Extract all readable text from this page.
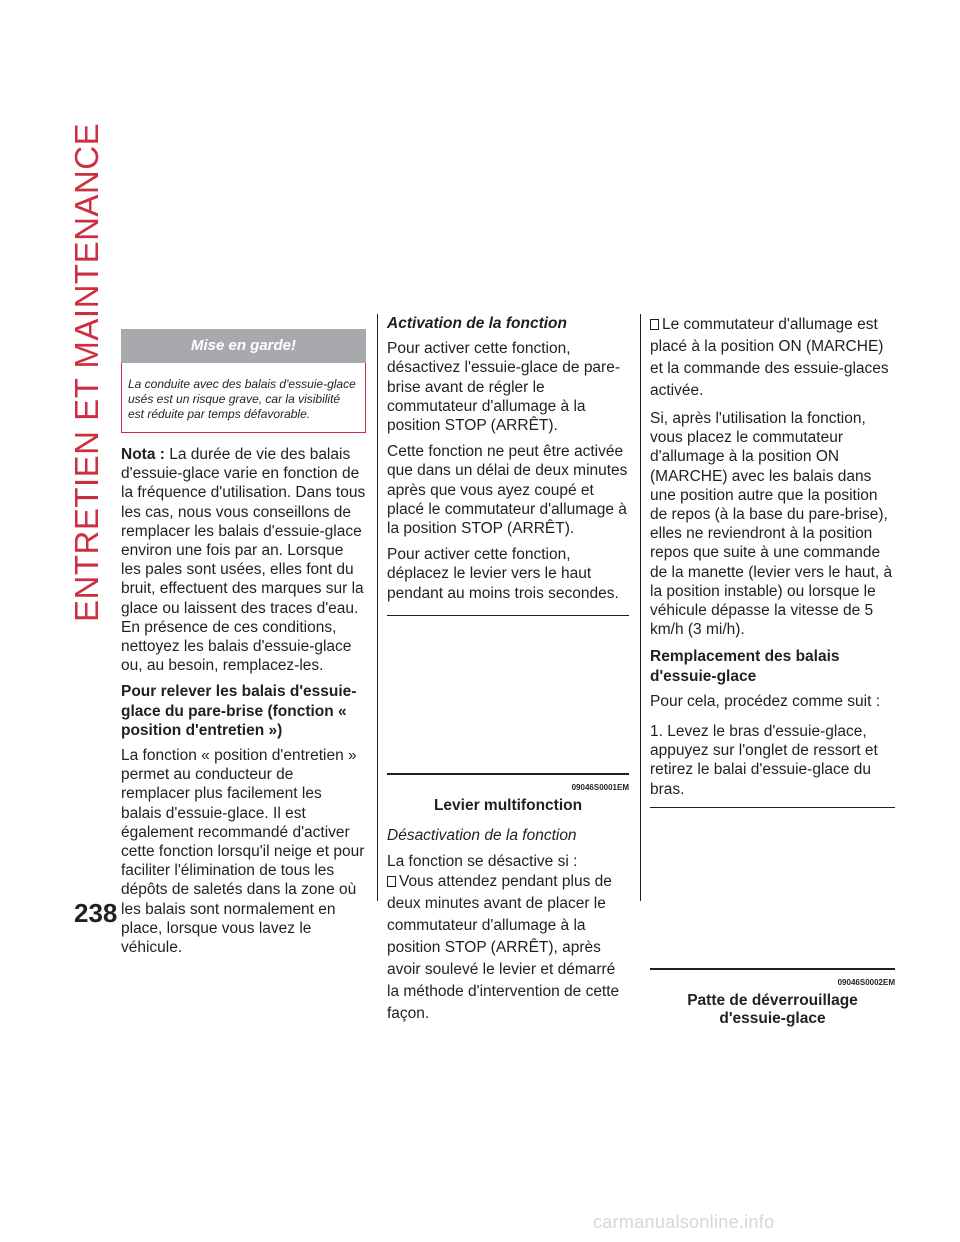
ENTRETIEN ET MAINTENANCE
238
Mise en garde!
La conduite avec des balais d'essuie-glace usés est un risque grave, car la visibilité est réduite par temps défavorable.

Nota : La durée de vie des balais d'essuie-glace varie en fonction de la fréquence d'utilisation. Dans tous les cas, nous vous conseillons de remplacer les balais d'essuie-glace environ une fois par an. Lorsque les pales sont usées, elles font du bruit, effectuent des marques sur la glace ou laissent des traces d'eau. En présence de ces conditions, nettoyez les balais d'essuie-glace ou, au besoin, remplacez-les.

Pour relever les balais d'essuie-glace du pare-brise (fonction « position d'entretien »)

La fonction « position d'entretien » permet au conducteur de remplacer plus facilement les balais d'essuie-glace. Il est également recommandé d'activer cette fonction lorsqu'il neige et pour faciliter l'élimination de tous les dépôts de saletés dans la zone où les balais sont normalement en place, lorsque vous lavez le véhicule.

Activation de la fonction

Pour activer cette fonction, désactivez l'essuie-glace de pare-brise avant de régler le commutateur d'allumage à la position STOP (ARRÊT).

Cette fonction ne peut être activée que dans un délai de deux minutes après que vous ayez coupé et placé le commutateur d'allumage à la position STOP (ARRÊT).

Pour activer cette fonction, déplacez le levier vers le haut pendant au moins trois secondes.

09046S0001EM
Levier multifonction

Désactivation de la fonction

La fonction se désactive si :

Vous attendez pendant plus de deux minutes avant de placer le commutateur d'allumage à la position STOP (ARRÊT), après avoir soulevé le levier et démarré la méthode d'intervention de cette façon.
Le commutateur d'allumage est placé à la position ON (MARCHE) et la commande des essuie-glaces activée.

Si, après l'utilisation la fonction, vous placez le commutateur d'allumage à la position ON (MARCHE) avec les balais dans une position autre que la position de repos (à la base du pare-brise), elles ne reviendront à la position repos que suite à une commande de la manette (levier vers le haut, à la position instable) ou lorsque le véhicule dépasse la vitesse de 5 km/h (3 mi/h).

Remplacement des balais d'essuie-glace

Pour cela, procédez comme suit :

1. Levez le bras d'essuie-glace, appuyez sur l'onglet de ressort et retirez le balai d'essuie-glace du bras.

09046S0002EM
Patte de déverrouillage
d'essuie-glace
carmanualsonline.info
